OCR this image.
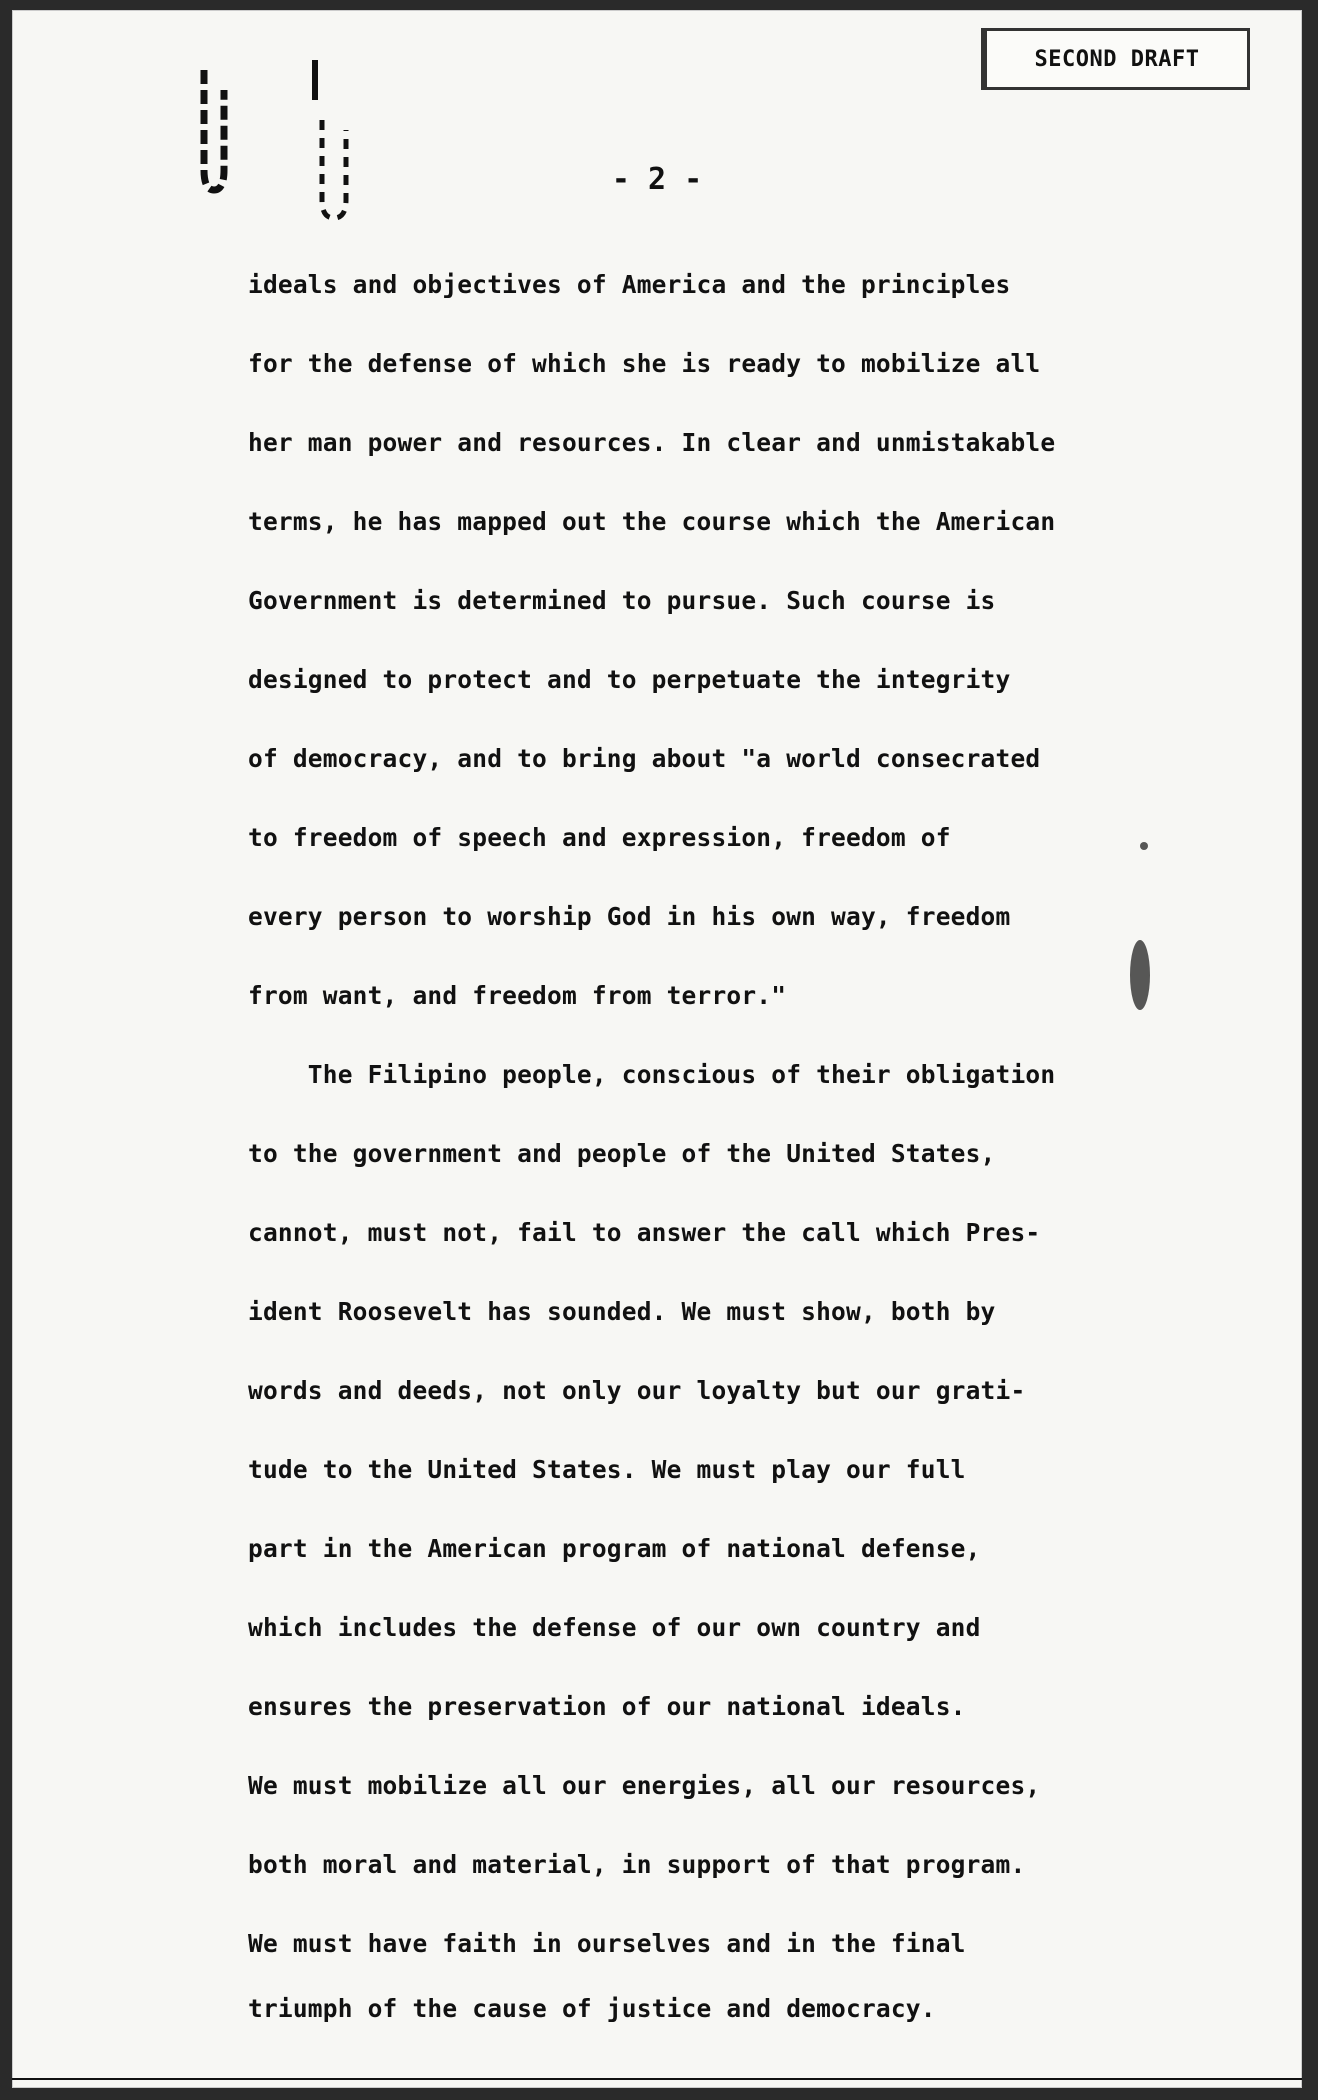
SECOND DRAFT
- 2 -
ideals and objectives of America and the principles
for the defense of which she is ready to mobilize all
her man power and resources. In clear and unmistakable
terms, he has mapped out the course which the American
Government is determined to pursue. Such course is
designed to protect and to perpetuate the integrity
of democracy, and to bring about "a world consecrated
to freedom of speech and expression, freedom of
every person to worship God in his own way, freedom
from want, and freedom from terror."
The Filipino people, conscious of their obligation
to the government and people of the United States,
cannot, must not, fail to answer the call which Pres-
ident Roosevelt has sounded. We must show, both by
words and deeds, not only our loyalty but our grati-
tude to the United States. We must play our full
part in the American program of national defense,
which includes the defense of our own country and
ensures the preservation of our national ideals.
We must mobilize all our energies, all our resources,
both moral and material, in support of that program.
We must have faith in ourselves and in the final
triumph of the cause of justice and democracy.
